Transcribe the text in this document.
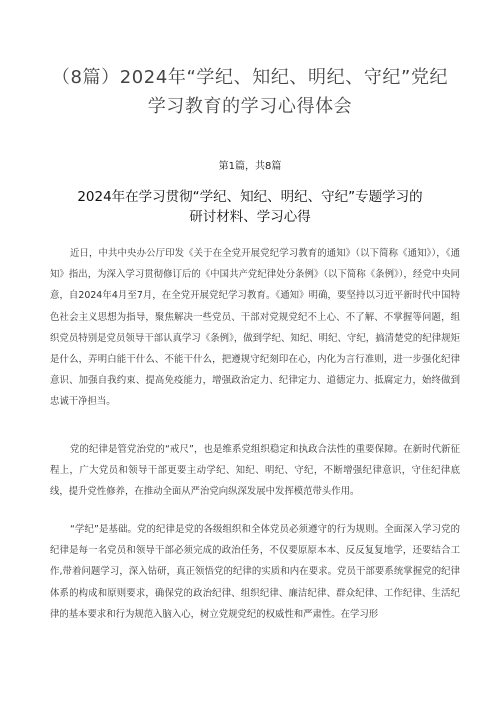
（8篇）2024年“学纪、知纪、明纪、守纪”党纪
学习教育的学习心得体会
第1篇，共8篇
2024年在学习贯彻“学纪、知纪、明纪、守纪”专题学习的
研讨材料、学习心得

近日，中共中央办公厅印发《关于在全党开展党纪学习教育的通知》（以下简称《通知》），《通知》指出，为深入学习贯彻修订后的《中国共产党纪律处分条例》（以下简称《条例》），经党中央同意，自2024年4月至7月，在全党开展党纪学习教育。《通知》明确，要坚持以习近平新时代中国特色社会主义思想为指导，聚焦解决一些党员、干部对党规党纪不上心、不了解、不掌握等问题，组织党员特别是党员领导干部认真学习《条例》，做到学纪、知纪、明纪、守纪，搞清楚党的纪律规矩是什么，弄明白能干什么、不能干什么，把遵规守纪刻印在心，内化为言行准则，进一步强化纪律意识、加强自我约束、提高免疫能力，增强政治定力、纪律定力、道德定力、抵腐定力，始终做到忠诚干净担当。

党的纪律是管党治党的“戒尺”，也是维系党组织稳定和执政合法性的重要保障。在新时代新征程上，广大党员和领导干部更要主动学纪、知纪、明纪、守纪，不断增强纪律意识，守住纪律底线，提升党性修养，在推动全面从严治党向纵深发展中发挥模范带头作用。

“学纪”是基础。党的纪律是党的各级组织和全体党员必须遵守的行为规则。全面深入学习党的纪律是每一名党员和领导干部必须完成的政治任务，不仅要原原本本、反反复复地学，还要结合工作,带着问题学习，深入钻研，真正领悟党的纪律的实质和内在要求。党员干部要系统掌握党的纪律体系的构成和原则要求，确保党的政治纪律、组织纪律、廉洁纪律、群众纪律、工作纪律、生活纪律的基本要求和行为规范入脑入心，树立党规党纪的权威性和严肃性。在学习形
